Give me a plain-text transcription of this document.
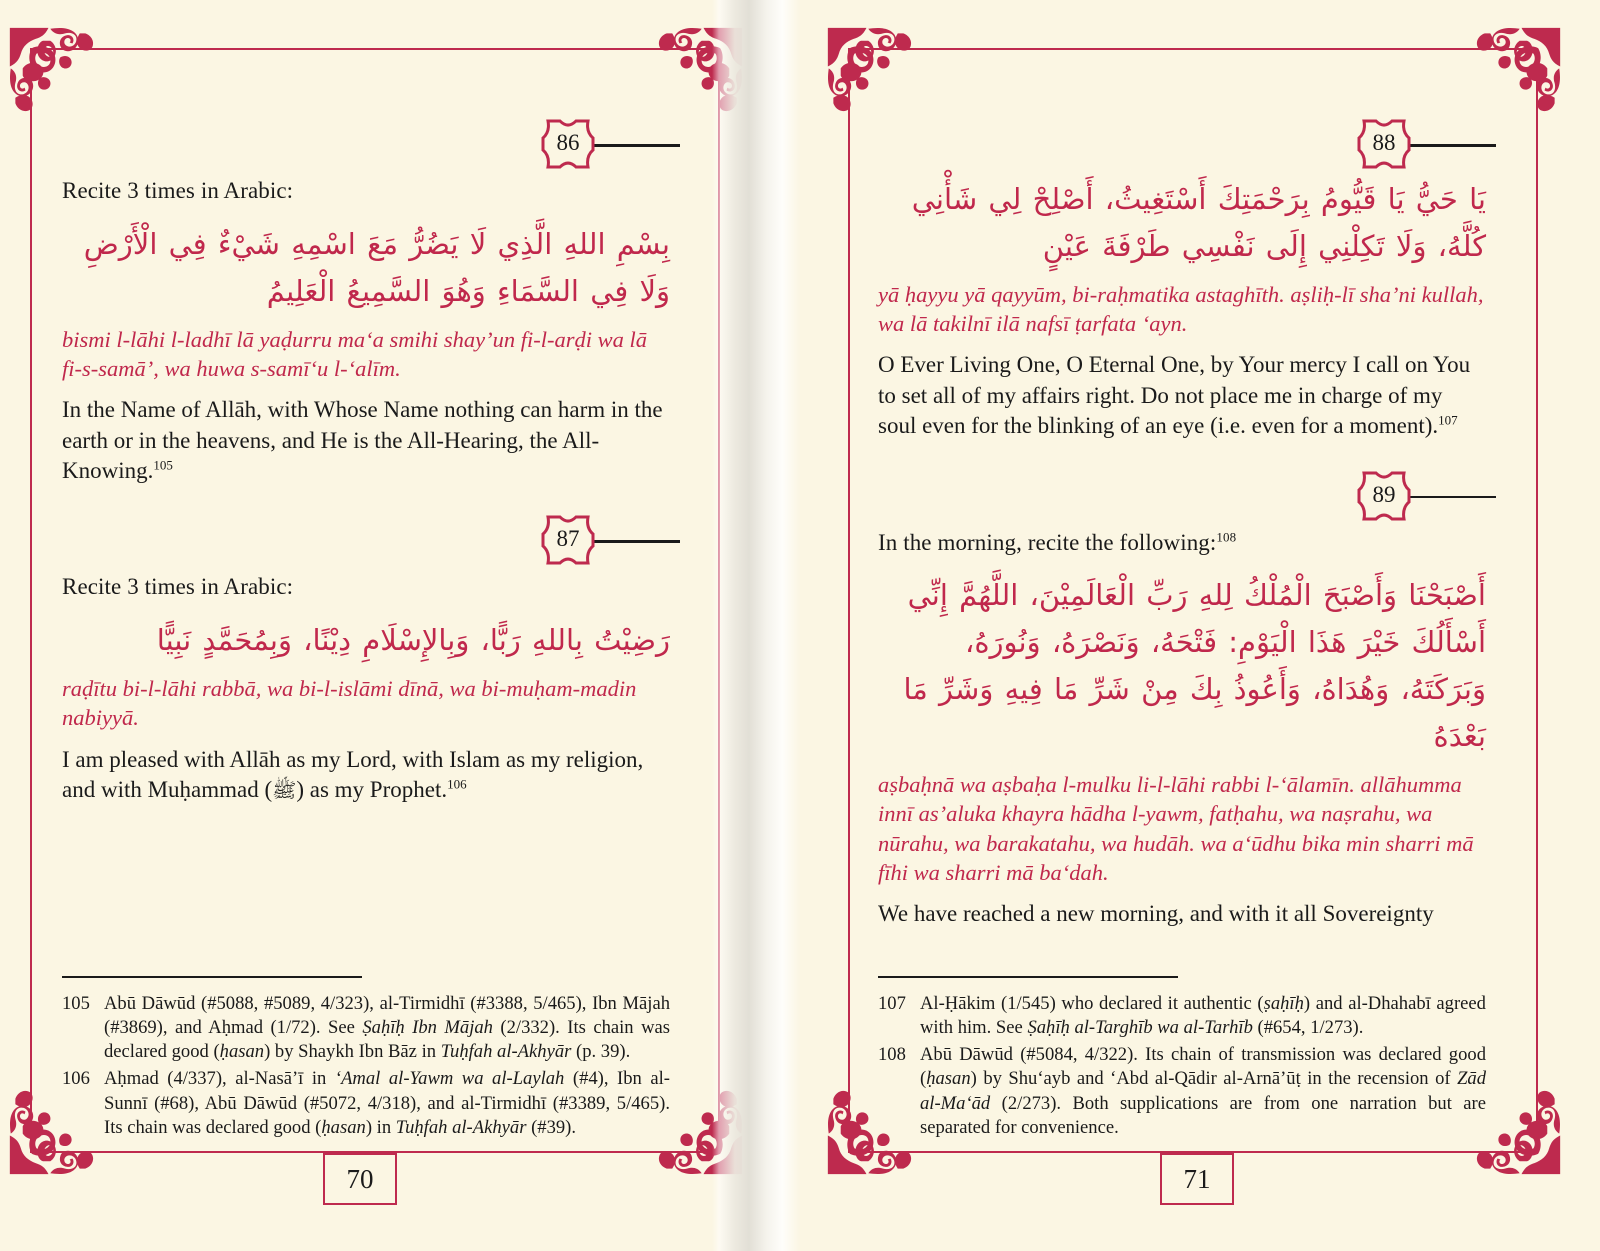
86

Recite 3 times in Arabic:

بِسْمِ اللهِ الَّذِي لَا يَضُرُّ مَعَ اسْمِهِ شَيْءٌ فِي الْأَرْضِ وَلَا فِي السَّمَاءِ وَهُوَ السَّمِيعُ الْعَلِيمُ

bismi l-lāhi l-ladhī lā yaḍurru maʻa smihi shay’un fi-l-arḍi wa lā fi-s-samā’, wa huwa s-samīʻu l-ʻalīm.

In the Name of Allāh, with Whose Name nothing can harm in the earth or in the heavens, and He is the All-Hearing, the All-Knowing.$^{105}$

87

Recite 3 times in Arabic:

رَضِيْتُ بِاللهِ رَبًّا، وَبِالإِسْلَامِ دِيْنًا، وَبِمُحَمَّدٍ نَبِيًّا

raḍītu bi-l-lāhi rabbā, wa bi-l-islāmi dīnā, wa bi-muḥam-madin nabiyyā.

I am pleased with Allāh as my Lord, with Islam as my religion, and with Muḥammad (ﷺ) as my Prophet.$^{106}$

105 Abū Dāwūd (#5088, #5089, 4/323), al-Tirmidhī (#3388, 5/465), Ibn Mājah (#3869), and Aḥmad (1/72). See Ṣaḥīḥ Ibn Mājah (2/332). Its chain was declared good (ḥasan) by Shaykh Ibn Bāz in Tuḥfah al-Akhyār (p. 39).
106 Aḥmad (4/337), al-Nasā’ī in ‘Amal al-Yawm wa al-Laylah (#4), Ibn al-Sunnī (#68), Abū Dāwūd (#5072, 4/318), and al-Tirmidhī (#3389, 5/465). Its chain was declared good (ḥasan) in Tuḥfah al-Akhyār (#39).
70
88

يَا حَيُّ يَا قَيُّومُ بِرَحْمَتِكَ أَسْتَغِيثُ، أَصْلِحْ لِي شَأْنِي كُلَّهُ، وَلَا تَكِلْنِي إِلَى نَفْسِي طَرْفَةَ عَيْنٍ

yā ḥayyu yā qayyūm, bi-raḥmatika astaghīth. aṣliḥ-lī sha’ni kullah, wa lā takilnī ilā nafsī ṭarfata ʻayn.

O Ever Living One, O Eternal One, by Your mercy I call on You to set all of my affairs right. Do not place me in charge of my soul even for the blinking of an eye (i.e. even for a moment).$^{107}$

89

In the morning, recite the following:$^{108}$

أَصْبَحْنَا وَأَصْبَحَ الْمُلْكُ لِلهِ رَبِّ الْعَالَمِيْنَ، اللَّهُمَّ إِنِّي أَسْأَلُكَ خَيْرَ هَذَا الْيَوْمِ: فَتْحَهُ، وَنَصْرَهُ، وَنُورَهُ، وَبَرَكَتَهُ، وَهُدَاهُ، وَأَعُوذُ بِكَ مِنْ شَرِّ مَا فِيهِ وَشَرِّ مَا بَعْدَهُ

aṣbaḥnā wa aṣbaḥa l-mulku li-l-lāhi rabbi l-ʻālamīn. allāhumma innī as’aluka khayra hādha l-yawm, fatḥahu, wa naṣrahu, wa nūrahu, wa barakatahu, wa hudāh. wa aʻūdhu bika min sharri mā fīhi wa sharri mā baʻdah.

We have reached a new morning, and with it all Sovereignty

107 Al-Ḥākim (1/545) who declared it authentic (ṣaḥīḥ) and al-Dhahabī agreed with him. See Ṣaḥīḥ al-Targhīb wa al-Tarhīb (#654, 1/273).
108 Abū Dāwūd (#5084, 4/322). Its chain of transmission was declared good (ḥasan) by Shuʻayb and ‘Abd al-Qādir al-Arnā’ūṭ in the recension of Zād al-Maʻād (2/273). Both supplications are from one narration but are separated for convenience.
71
